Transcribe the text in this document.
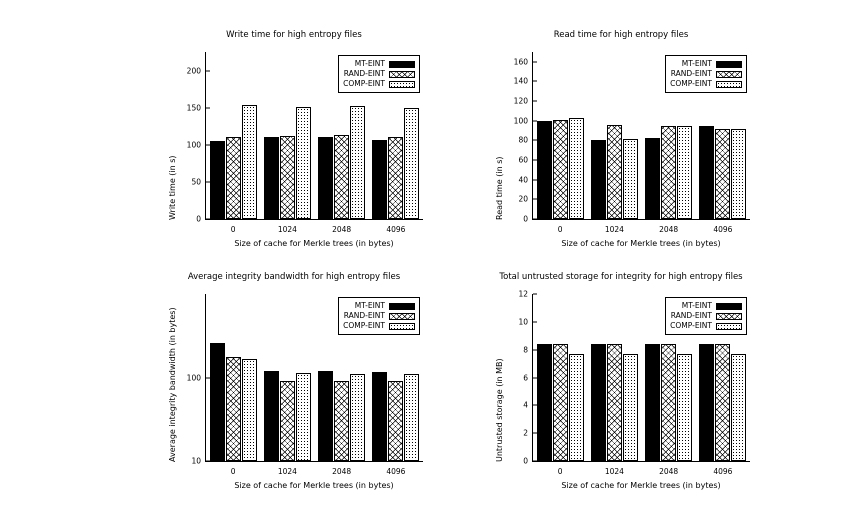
Write time for high entropy files
0
50
100
150
200
0	1024	2048	4096
MT-EINT
RAND-EINT
COMP-EINT
Write time (in s)
Size of cache for Merkle trees (in bytes)
Read time for high entropy files
0
20
40
60
80
100
120
140
160
0	1024	2048	4096
MT-EINT
RAND-EINT
COMP-EINT
Read time (in s)
Size of cache for Merkle trees (in bytes)
Average integrity bandwidth for high entropy files
10
100
0	1024	2048	4096
MT-EINT
RAND-EINT
COMP-EINT
Average integrity bandwidth (in bytes)
Size of cache for Merkle trees (in bytes)
Total untrusted storage for integrity for high entropy files
0
2
4
6
8
10
12
0	1024	2048	4096
MT-EINT
RAND-EINT
COMP-EINT
Untrusted storage (in MB)
Size of cache for Merkle trees (in bytes)
